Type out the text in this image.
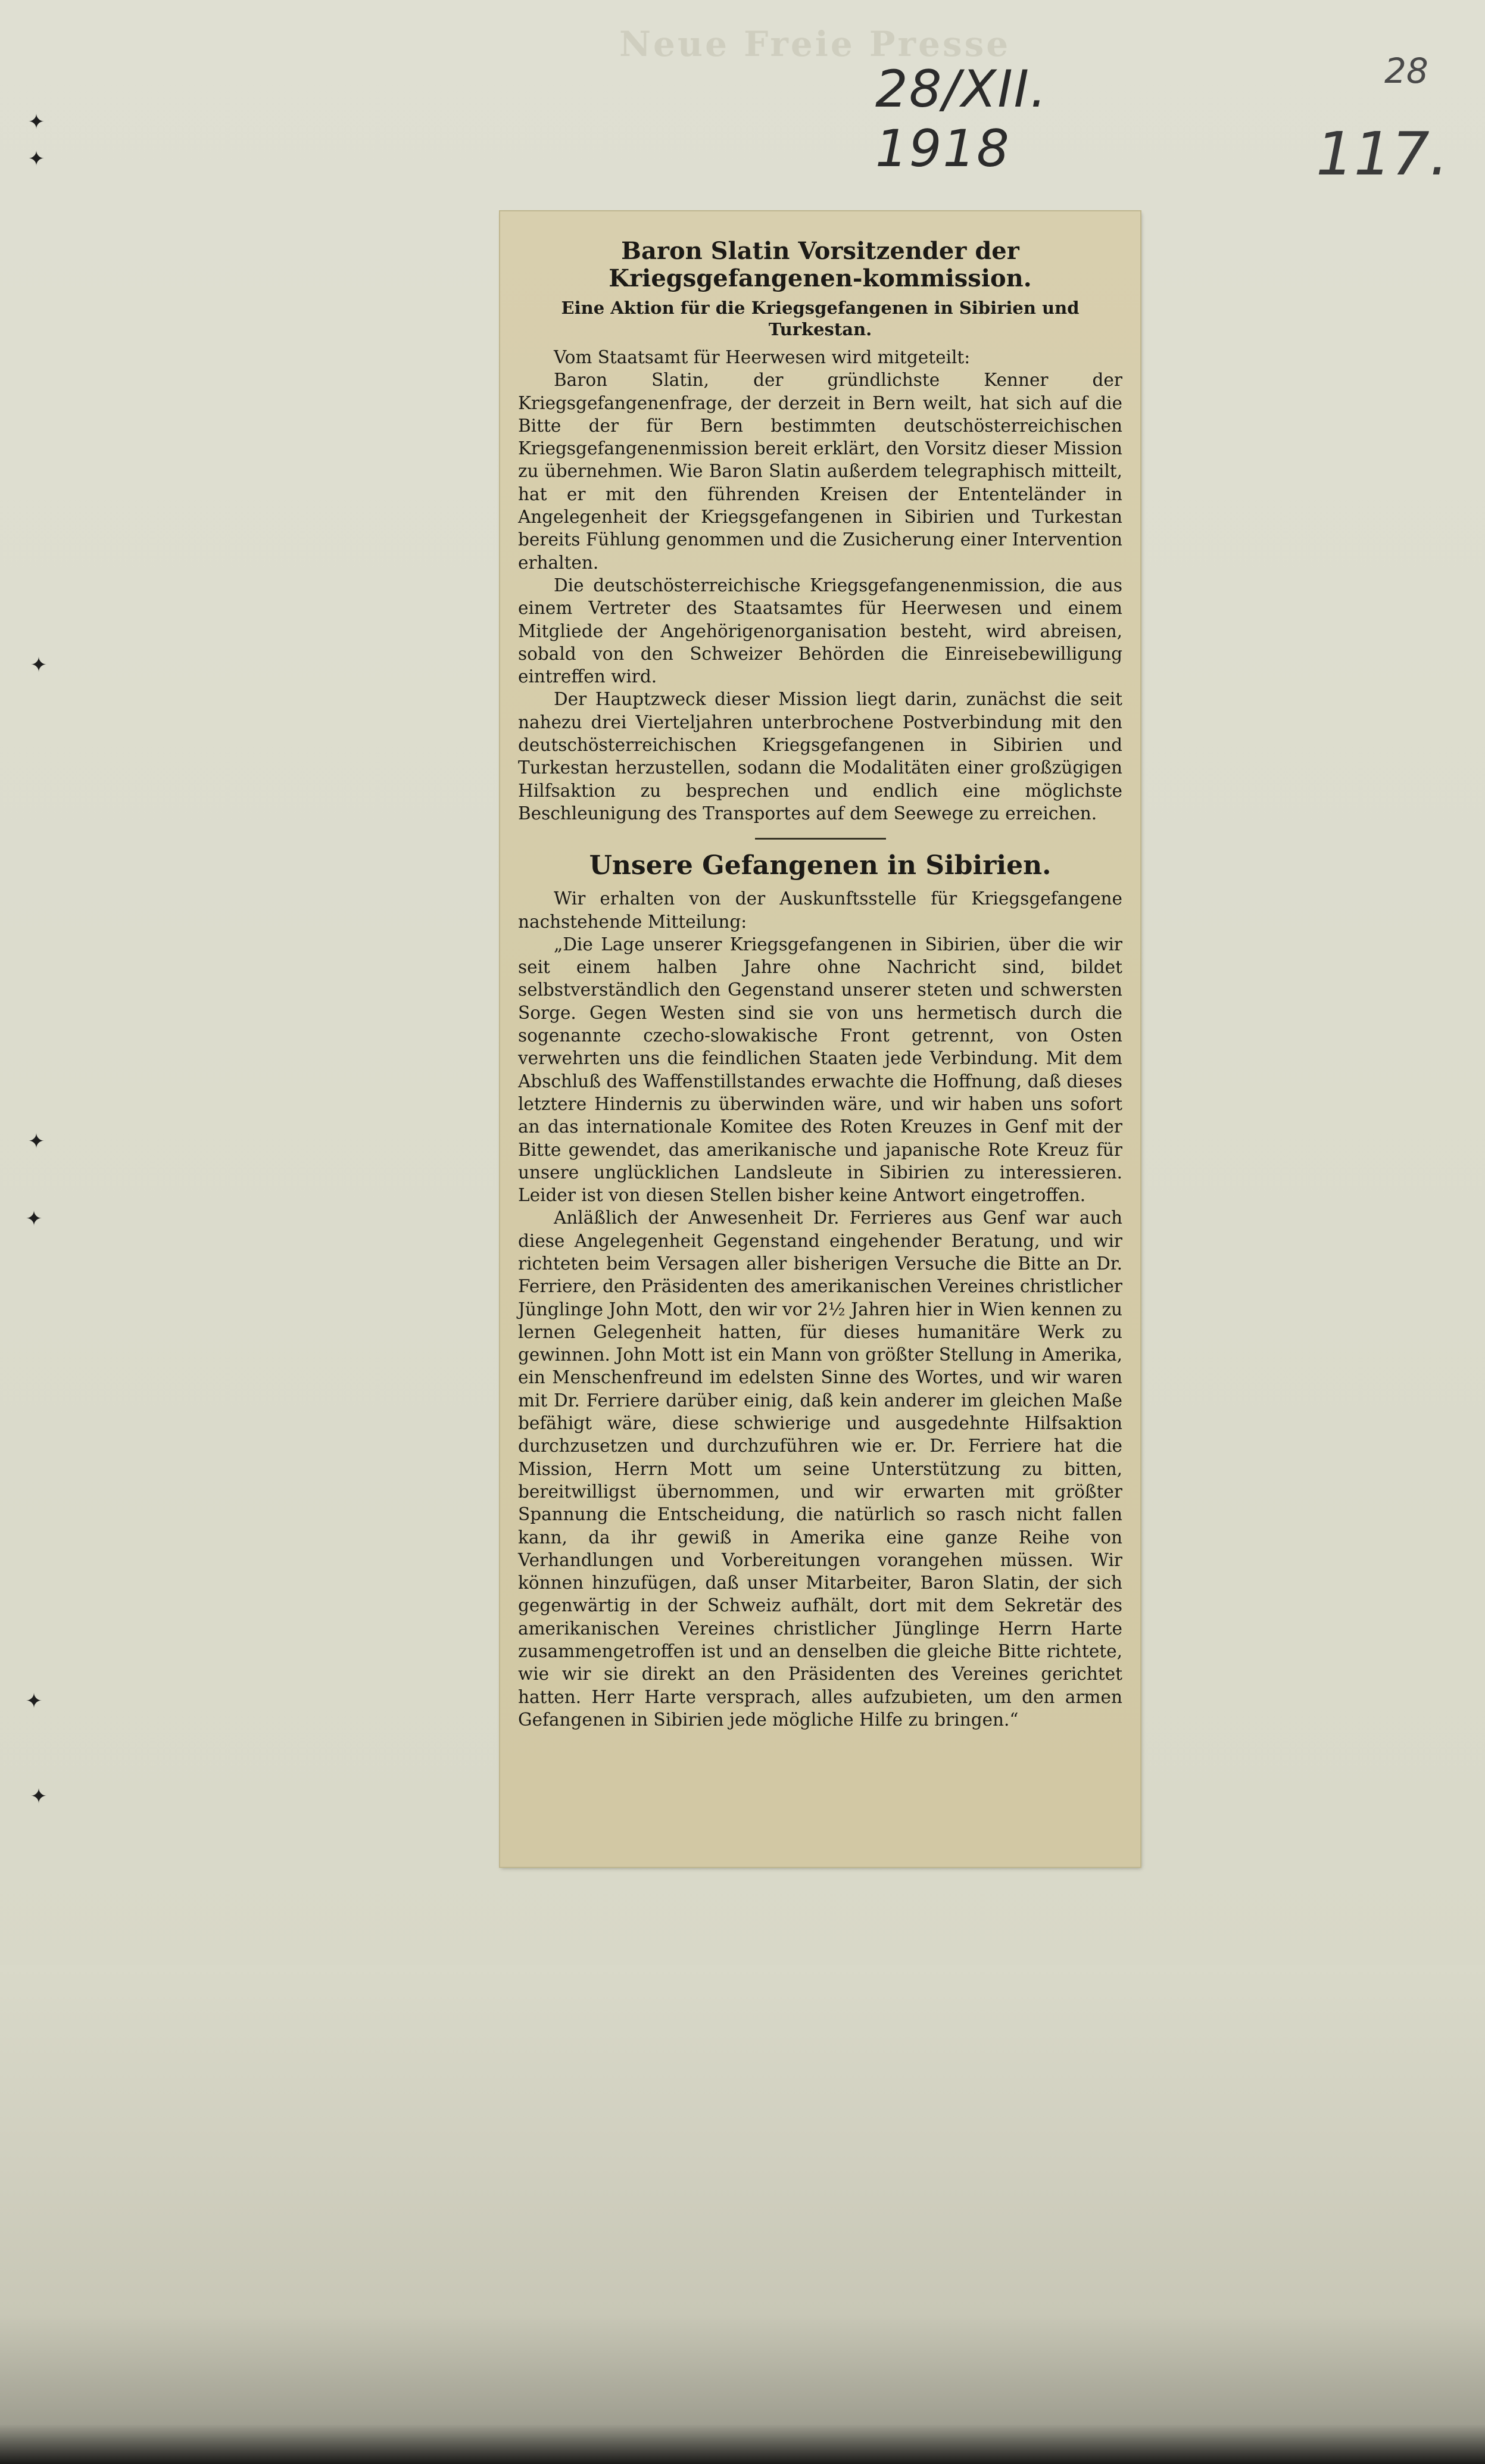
Neue Freie Presse
28/XII. 1918
28
117.
✦
✦
✦
✦
✦
✦
✦
Baron Slatin Vorsitzender der Kriegsgefangenen-kommission.
Eine Aktion für die Kriegsgefangenen in Sibirien und Turkestan.

Vom Staatsamt für Heerwesen wird mitgeteilt:

Baron Slatin, der gründlichste Kenner der Kriegsgefangenenfrage, der derzeit in Bern weilt, hat sich auf die Bitte der für Bern bestimmten deutschösterreichischen Kriegsgefangenenmission bereit erklärt, den Vorsitz dieser Mission zu übernehmen. Wie Baron Slatin außerdem telegraphisch mitteilt, hat er mit den führenden Kreisen der Ententeländer in Angelegenheit der Kriegsgefangenen in Sibirien und Turkestan bereits Fühlung genommen und die Zusicherung einer Intervention erhalten.

Die deutschösterreichische Kriegsgefangenenmission, die aus einem Vertreter des Staatsamtes für Heerwesen und einem Mitgliede der Angehörigenorganisation besteht, wird abreisen, sobald von den Schweizer Behörden die Einreisebewilligung eintreffen wird.

Der Hauptzweck dieser Mission liegt darin, zunächst die seit nahezu drei Vierteljahren unterbrochene Postverbindung mit den deutschösterreichischen Kriegsgefangenen in Sibirien und Turkestan herzustellen, sodann die Modalitäten einer großzügigen Hilfsaktion zu besprechen und endlich eine möglichste Beschleunigung des Transportes auf dem Seewege zu erreichen.

Unsere Gefangenen in Sibirien.

Wir erhalten von der Auskunftsstelle für Kriegsgefangene nachstehende Mitteilung:

„Die Lage unserer Kriegsgefangenen in Sibirien, über die wir seit einem halben Jahre ohne Nachricht sind, bildet selbstverständlich den Gegenstand unserer steten und schwersten Sorge. Gegen Westen sind sie von uns hermetisch durch die sogenannte czecho-slowakische Front getrennt, von Osten verwehrten uns die feindlichen Staaten jede Verbindung. Mit dem Abschluß des Waffenstillstandes erwachte die Hoffnung, daß dieses letztere Hindernis zu überwinden wäre, und wir haben uns sofort an das internationale Komitee des Roten Kreuzes in Genf mit der Bitte gewendet, das amerikanische und japanische Rote Kreuz für unsere unglücklichen Landsleute in Sibirien zu interessieren. Leider ist von diesen Stellen bisher keine Antwort eingetroffen.

Anläßlich der Anwesenheit Dr. Ferrieres aus Genf war auch diese Angelegenheit Gegenstand eingehender Beratung, und wir richteten beim Versagen aller bisherigen Versuche die Bitte an Dr. Ferriere, den Präsidenten des amerikanischen Vereines christlicher Jünglinge John Mott, den wir vor 2½ Jahren hier in Wien kennen zu lernen Gelegenheit hatten, für dieses humanitäre Werk zu gewinnen. John Mott ist ein Mann von größter Stellung in Amerika, ein Menschenfreund im edelsten Sinne des Wortes, und wir waren mit Dr. Ferriere darüber einig, daß kein anderer im gleichen Maße befähigt wäre, diese schwierige und ausgedehnte Hilfsaktion durchzusetzen und durchzuführen wie er. Dr. Ferriere hat die Mission, Herrn Mott um seine Unterstützung zu bitten, bereitwilligst übernommen, und wir erwarten mit größter Spannung die Entscheidung, die natürlich so rasch nicht fallen kann, da ihr gewiß in Amerika eine ganze Reihe von Verhandlungen und Vorbereitungen vorangehen müssen. Wir können hinzufügen, daß unser Mitarbeiter, Baron Slatin, der sich gegenwärtig in der Schweiz aufhält, dort mit dem Sekretär des amerikanischen Vereines christlicher Jünglinge Herrn Harte zusammengetroffen ist und an denselben die gleiche Bitte richtete, wie wir sie direkt an den Präsidenten des Vereines gerichtet hatten. Herr Harte versprach, alles aufzubieten, um den armen Gefangenen in Sibirien jede mögliche Hilfe zu bringen.“
